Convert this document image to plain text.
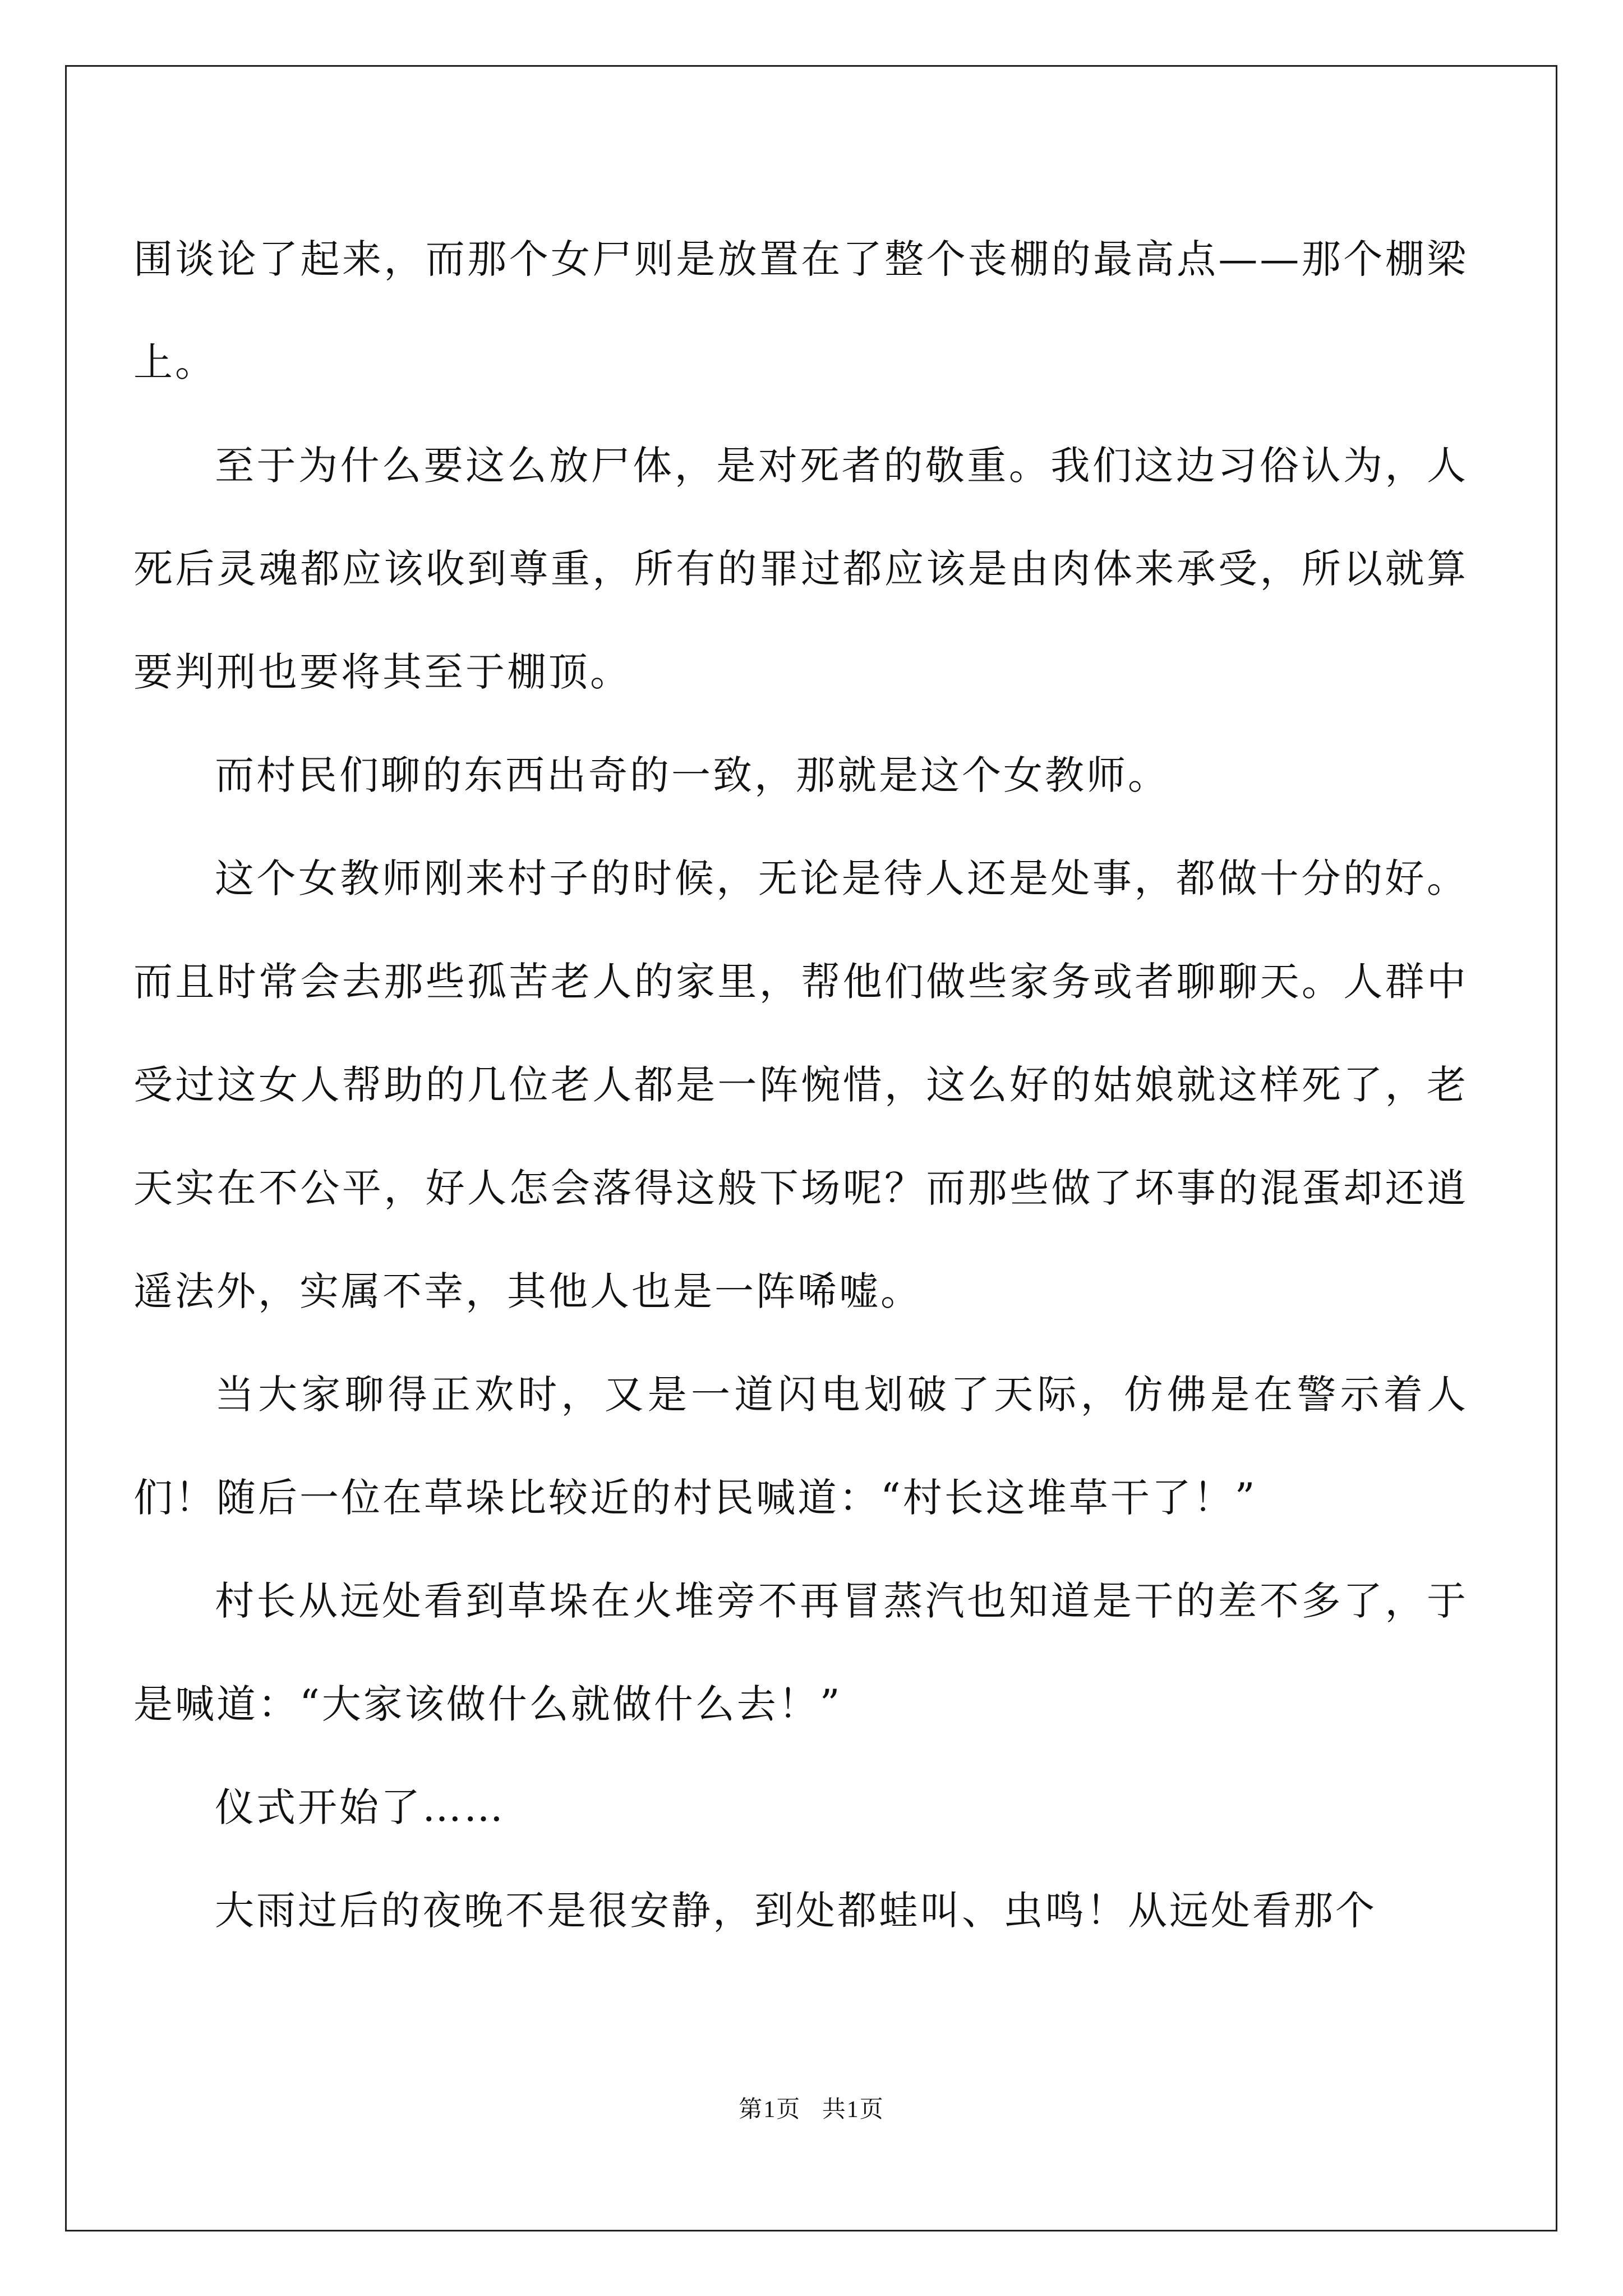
围谈论了起来，而那个女尸则是放置在了整个丧棚的最高点——那个棚梁上。

至于为什么要这么放尸体，是对死者的敬重。我们这边习俗认为，人死后灵魂都应该收到尊重，所有的罪过都应该是由肉体来承受，所以就算要判刑也要将其至于棚顶。

而村民们聊的东西出奇的一致，那就是这个女教师。

这个女教师刚来村子的时候，无论是待人还是处事，都做十分的好。而且时常会去那些孤苦老人的家里，帮他们做些家务或者聊聊天。人群中受过这女人帮助的几位老人都是一阵惋惜，这么好的姑娘就这样死了，老天实在不公平，好人怎会落得这般下场呢？而那些做了坏事的混蛋却还逍遥法外，实属不幸，其他人也是一阵唏嘘。

当大家聊得正欢时，又是一道闪电划破了天际，仿佛是在警示着人们！随后一位在草垛比较近的村民喊道：“村长这堆草干了！”

村长从远处看到草垛在火堆旁不再冒蒸汽也知道是干的差不多了，于是喊道：“大家该做什么就做什么去！”

仪式开始了……

大雨过后的夜晚不是很安静，到处都蛙叫、虫鸣！从远处看那个

第1页 共1页
